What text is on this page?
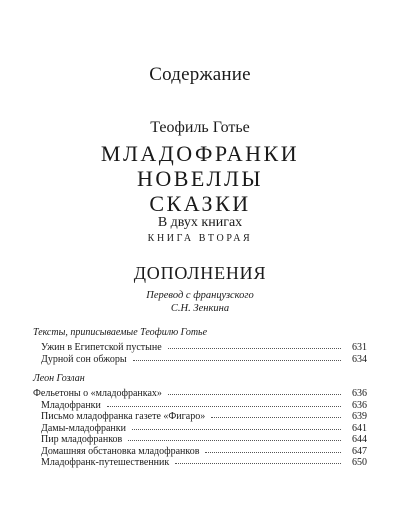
Содержание
Теофиль Готье
МЛАДОФРАНКИ
НОВЕЛЛЫ
СКАЗКИ
В двух книгах
КНИГА ВТОРАЯ
ДОПОЛНЕНИЯ
Перевод с французского
С.Н. Зенкина
Тексты, приписываемые Теофилю Готье
Ужин в Египетской пустыне	631
Дурной сон обжоры	634
Леон Гозлан
Фельетоны о «младофранках»	636
Младофранки	636
Письмо младофранка газете «Фигаро»	639
Дамы-младофранки	641
Пир младофранков	644
Домашняя обстановка младофранков	647
Младофранк-путешественник	650
